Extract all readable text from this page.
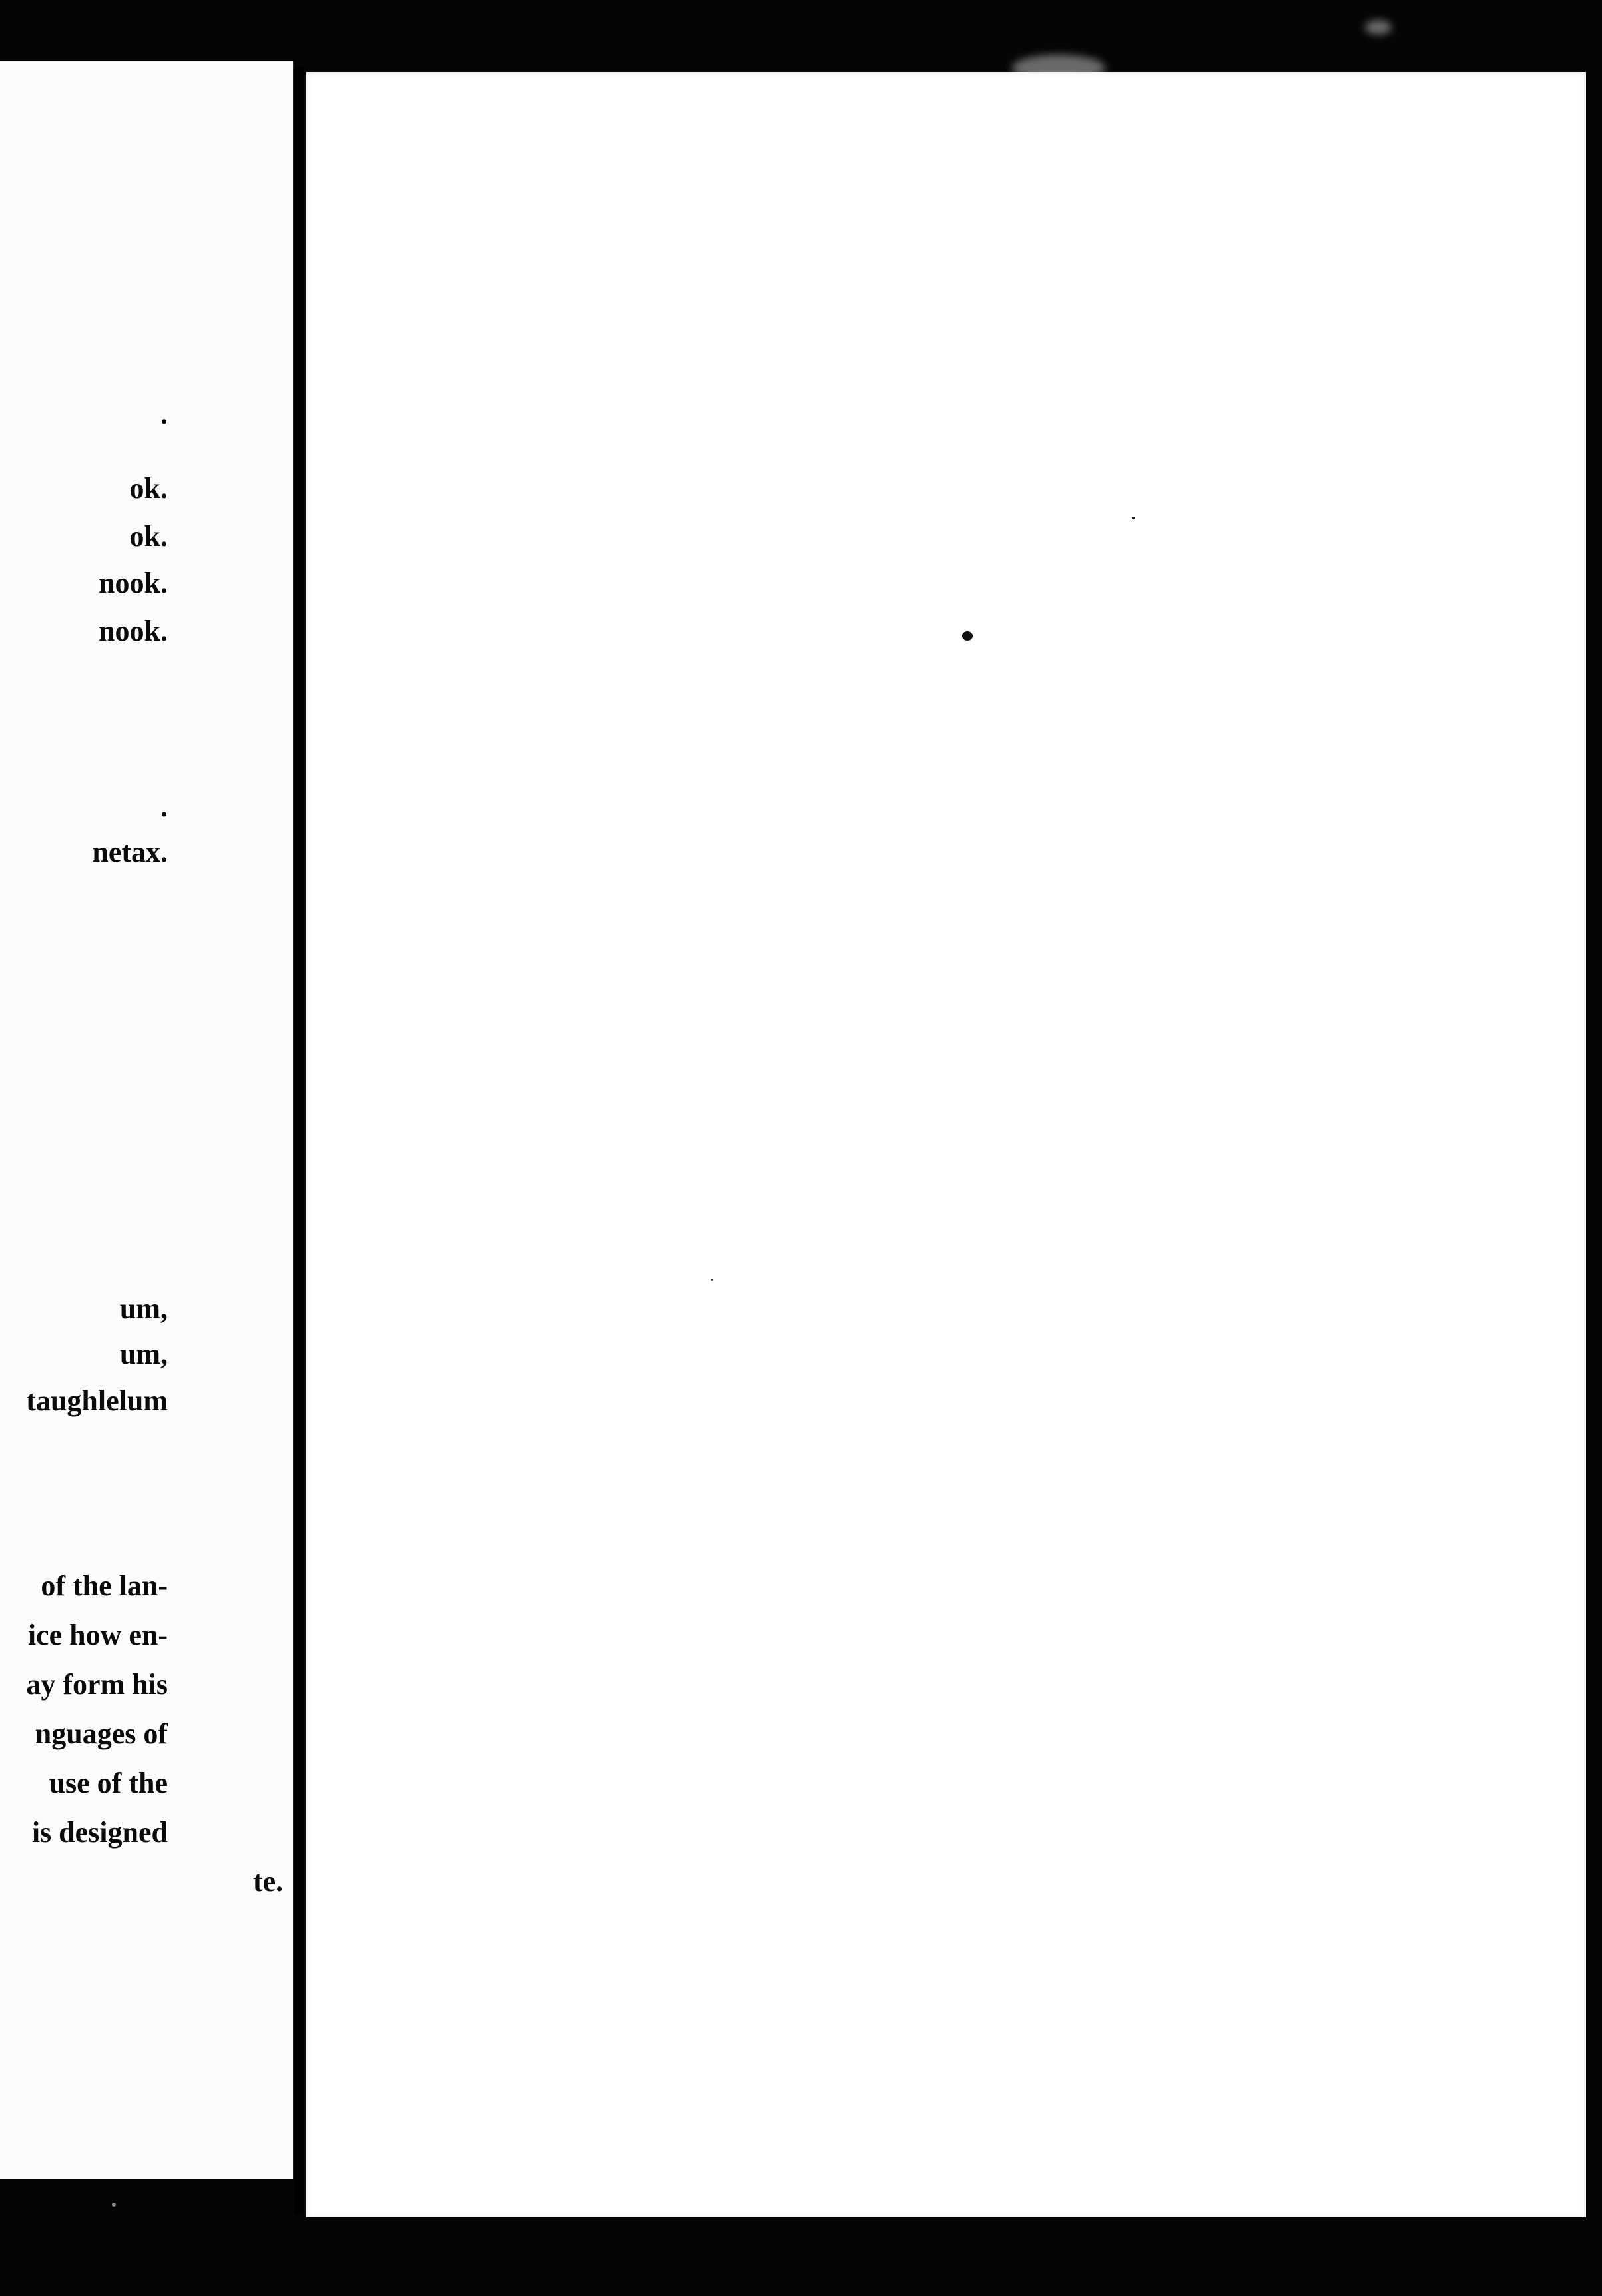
.
ok.
ok.
nook.
nook.
.
netax.
um,
um,
taughlelum
of the lan-
ice how en-
ay form his
nguages of
use of the
is designed
te.
